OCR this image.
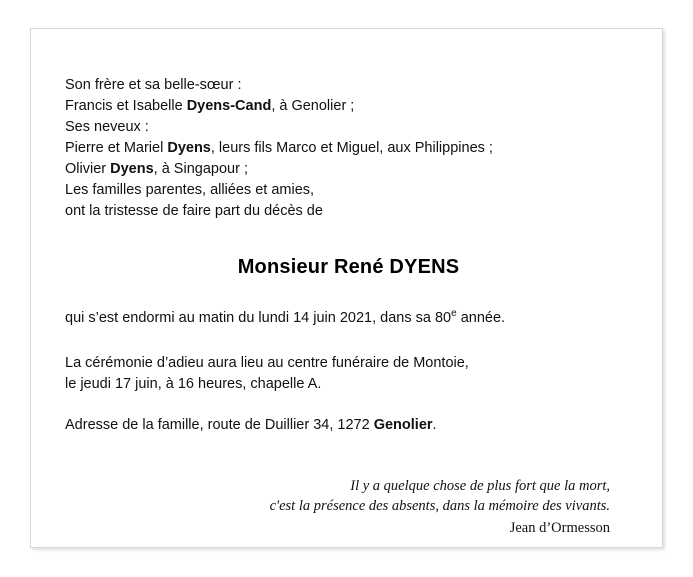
Son frère et sa belle-sœur :
Francis et Isabelle Dyens-Cand, à Genolier ;
Ses neveux :
Pierre et Mariel Dyens, leurs fils Marco et Miguel, aux Philippines ;
Olivier Dyens, à Singapour ;
Les familles parentes, alliées et amies,
ont la tristesse de faire part du décès de
Monsieur René DYENS
qui s’est endormi au matin du lundi 14 juin 2021, dans sa 80e année.
La cérémonie d’adieu aura lieu au centre funéraire de Montoie,
le jeudi 17 juin, à 16 heures, chapelle A.
Adresse de la famille, route de Duillier 34, 1272 Genolier.
Il y a quelque chose de plus fort que la mort,
c'est la présence des absents, dans la mémoire des vivants.
Jean d’Ormesson
